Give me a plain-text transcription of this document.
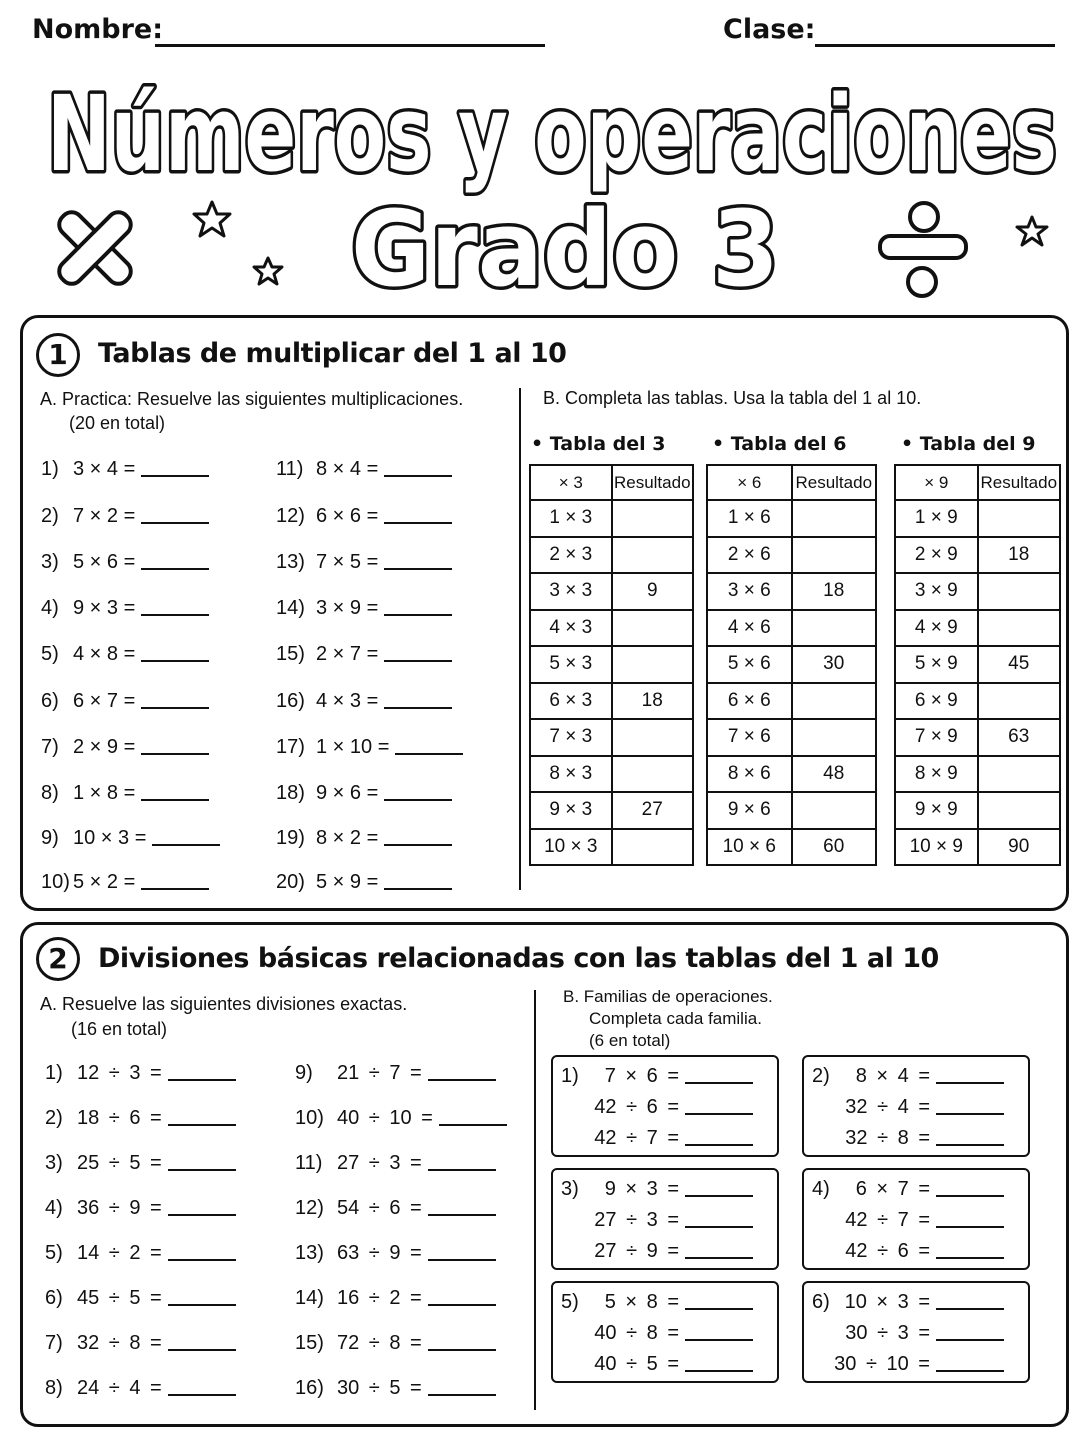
Nombre:	Clase:
Números y operaciones
Grado 3
1	Tablas de multiplicar del 1 al 10
A. Practica: Resuelve las siguientes multiplicaciones.
(20 en total)
1) 3 × 4 =
2) 7 × 2 =
3) 5 × 6 =
4) 9 × 3 =
5) 4 × 8 =
6) 6 × 7 =
7) 2 × 9 =
8) 1 × 8 =
9) 10 × 3 =
10) 5 × 2 =
11) 8 × 4 =
12) 6 × 6 =
13) 7 × 5 =
14) 3 × 9 =
15) 2 × 7 =
16) 4 × 3 =
17) 1 × 10 =
18) 9 × 6 =
19) 8 × 2 =
20) 5 × 9 =
B. Completa las tablas. Usa la tabla del 1 al 10.
• Tabla del 3
× 3	Resultado
1 × 3	
2 × 3	
3 × 3	9
4 × 3	
5 × 3	
6 × 3	18
7 × 3	
8 × 3	
9 × 3	27
10 × 3	
• Tabla del 6
× 6	Resultado
1 × 6	
2 × 6	
3 × 6	18
4 × 6	
5 × 6	30
6 × 6	
7 × 6	
8 × 6	48
9 × 6	
10 × 6	60
• Tabla del 9
× 9	Resultado
1 × 9	
2 × 9	18
3 × 9	
4 × 9	
5 × 9	45
6 × 9	
7 × 9	63
8 × 9	
9 × 9	
10 × 9	90
2	Divisiones básicas relacionadas con las tablas del 1 al 10
A. Resuelve las siguientes divisiones exactas.
(16 en total)
1) 12 ÷ 3 =
2) 18 ÷ 6 =
3) 25 ÷ 5 =
4) 36 ÷ 9 =
5) 14 ÷ 2 =
6) 45 ÷ 5 =
7) 32 ÷ 8 =
8) 24 ÷ 4 =
9) 21 ÷ 7 =
10) 40 ÷ 10 =
11) 27 ÷ 3 =
12) 54 ÷ 6 =
13) 63 ÷ 9 =
14) 16 ÷ 2 =
15) 72 ÷ 8 =
16) 30 ÷ 5 =
B. Familias de operaciones.
Completa cada familia.
(6 en total)
1) 7 × 6 =
42 ÷ 6 =
42 ÷ 7 =
2) 8 × 4 =
32 ÷ 4 =
32 ÷ 8 =
3) 9 × 3 =
27 ÷ 3 =
27 ÷ 9 =
4) 6 × 7 =
42 ÷ 7 =
42 ÷ 6 =
5) 5 × 8 =
40 ÷ 8 =
40 ÷ 5 =
6) 10 × 3 =
30 ÷ 3 =
30 ÷ 10 =
